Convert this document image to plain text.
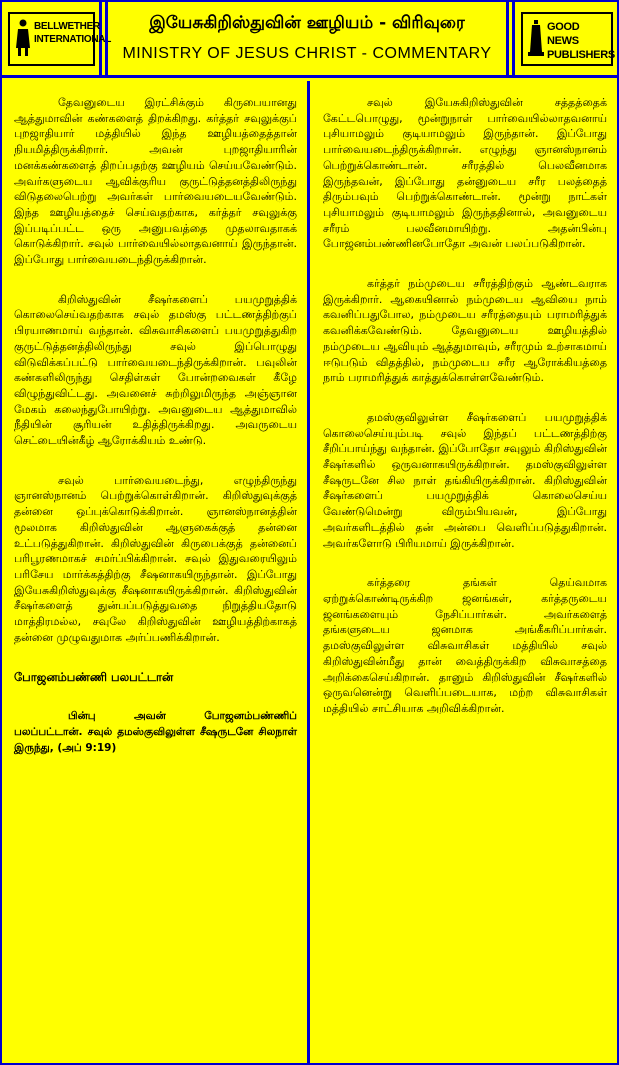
BELLWETHER INTERNATIONAL
இயேசுகிறிஸ்துவின் ஊழியம் - விரிவுரை
MINISTRY OF JESUS CHRIST - COMMENTARY
GOOD NEWS PUBLISHERS

தேவனுடைய இரட்சிக்கும் கிருபையானது ஆத்துமாவின் கண்களைத் திறக்கிறது. கர்த்தர் சவுலுக்குப் புறஜாதியார் மத்தியில் இந்த ஊழியத்தைத்தான் நியமித்திருக்கிறார். அவன் புறஜாதியாரின் மனக்கண்களைத் திறப்பதற்கு ஊழியம் செய்யவேண்டும். அவர்களுடைய ஆவிக்குரிய குருட்டுத்தனத்திலிருந்து விடுதலைபெற்று அவர்கள் பார்வையடையவேண்டும். இந்த ஊழியத்தைச் செய்வதற்காக, கர்த்தர் சவுலுக்கு இப்படிப்பட்ட ஒரு அனுபவத்தை முதலாவதாகக் கொடுக்கிறார். சவுல் பார்வையில்லாதவனாய் இருந்தான். இப்போது பார்வையடைந்திருக்கிறான்.

கிறிஸ்துவின் சீஷர்களைப் பயமுறுத்திக் கொலைசெய்வதற்காக சவுல் தமஸ்கு பட்டணத்திற்குப் பிரயாணமாய் வந்தான். விசுவாசிகளைப் பயமுறுத்துகிற குருட்டுத்தனத்திலிருந்து சவுல் இப்பொழுது விடுவிக்கப்பட்டு பார்வையடைந்திருக்கிறான். பவுலின் கண்களிலிருந்து செதிள்கள் போன்றவைகள் கீழே விழுந்துவிட்டது. அவனைச் சுற்றிலுமிருந்த அஞ்ஞான மேகம் கலைந்துபோயிற்று. அவனுடைய ஆத்துமாவில் நீதியின் சூரியன் உதித்திருக்கிறது. அவருடைய செட்டையின்கீழ் ஆரோக்கியம் உண்டு.

சவுல் பார்வையடைந்து, எழுந்திருந்து ஞானஸ்நானம் பெற்றுக்கொள்கிறான். கிறிஸ்துவுக்குத் தன்னை ஒப்புக்கொடுக்கிறான். ஞானஸ்நானத்தின் மூலமாக கிறிஸ்துவின் ஆளுகைக்குத் தன்னை உட்படுத்துகிறான். கிறிஸ்துவின் கிருபைக்குத் தன்னைப் பரிபூரணமாகச் சமர்ப்பிக்கிறான். சவுல் இதுவரையிலும் பரிசேய மார்க்கத்திற்கு சீஷனாகயிருந்தான். இப்போது இயேசுகிறிஸ்துவுக்கு சீஷனாகயிருக்கிறான். கிறிஸ்துவின் சீஷர்களைத் துன்பப்படுத்துவதை நிறுத்தியதோடு மாத்திரமல்ல, சவுலே கிறிஸ்துவின் ஊழியத்திற்காகத் தன்னை முழுவதுமாக அர்ப்பணிக்கிறான்.

போஜனம்பண்ணி பலபட்டான்

பின்பு அவன் போஜனம்பண்ணிப் பலப்பட்டான். சவுல் தமஸ்குவிலுள்ள சீஷருடனே சிலநாள் இருந்து, (அப் 9:19)

சவுல் இயேசுகிறிஸ்துவின் சத்தத்தைக் கேட்டபொழுது, மூன்றுநாள் பார்வையில்லாதவனாய் புசியாமலும் குடியாமலும் இருந்தான். இப்போது பார்வையடைந்திருக்கிறான். எழுந்து ஞானஸ்நானம் பெற்றுக்கொண்டான். சரீரத்தில் பெலவீனமாக இருந்தவன், இப்போது தன்னுடைய சரீர பலத்தைத் திரும்பவும் பெற்றுக்கொண்டான். மூன்று நாட்கள் புசியாமலும் குடியாமலும் இருந்ததினால், அவனுடைய சரீரம் பலவீனமாயிற்று. அதன்பின்பு போஜனம்பண்ணினபோதோ அவன் பலப்படுகிறான்.

கர்த்தர் நம்முடைய சரீரத்திற்கும் ஆண்டவராக இருக்கிறார். ஆகையினால் நம்முடைய ஆவியை நாம் கவனிப்பதுபோல, நம்முடைய சரீரத்தையும் பராமரித்துக் கவனிக்கவேண்டும். தேவனுடைய ஊழியத்தில் நம்முடைய ஆவியும் ஆத்துமாவும், சரீரமும் உற்சாகமாய் ஈடுபடும் விதத்தில், நம்முடைய சரீர ஆரோக்கியத்தை நாம் பராமரித்துக் காத்துக்கொள்ளவேண்டும்.

தமஸ்குவிலுள்ள சீஷர்களைப் பயமுறுத்திக் கொலைசெய்யும்படி சவுல் இந்தப் பட்டணத்திற்கு சீறிப்பாய்ந்து வந்தான். இப்போதோ சவுலும் கிறிஸ்துவின் சீஷர்களில் ஒருவனாகயிருக்கிறான். தமஸ்குவிலுள்ள சீஷருடனே சில நாள் தங்கியிருக்கிறான். கிறிஸ்துவின் சீஷர்களைப் பயமுறுத்திக் கொலைசெய்ய வேண்டுமென்று விரும்பியவன், இப்போது அவர்களிடத்தில் தன் அன்பை வெளிப்படுத்துகிறான். அவர்களோடு பிரியமாய் இருக்கிறான்.

கர்த்தரை தங்கள் தெய்வமாக ஏற்றுக்கொண்டிருக்கிற ஜனங்கள், கர்த்தருடைய ஜனங்களையும் நேசிப்பார்கள். அவர்களைத் தங்களுடைய ஜனமாக அங்கீகரிப்பார்கள். தமஸ்குவிலுள்ள விசுவாசிகள் மத்தியில் சவுல் கிறிஸ்துவின்மீது தான் வைத்திருக்கிற விசுவாசத்தை அறிக்கைசெய்கிறான். தானும் கிறிஸ்துவின் சீஷர்களில் ஒருவனென்று வெளிப்படையாக, மற்ற விசுவாசிகள் மத்தியில் சாட்சியாக அறிவிக்கிறான்.
